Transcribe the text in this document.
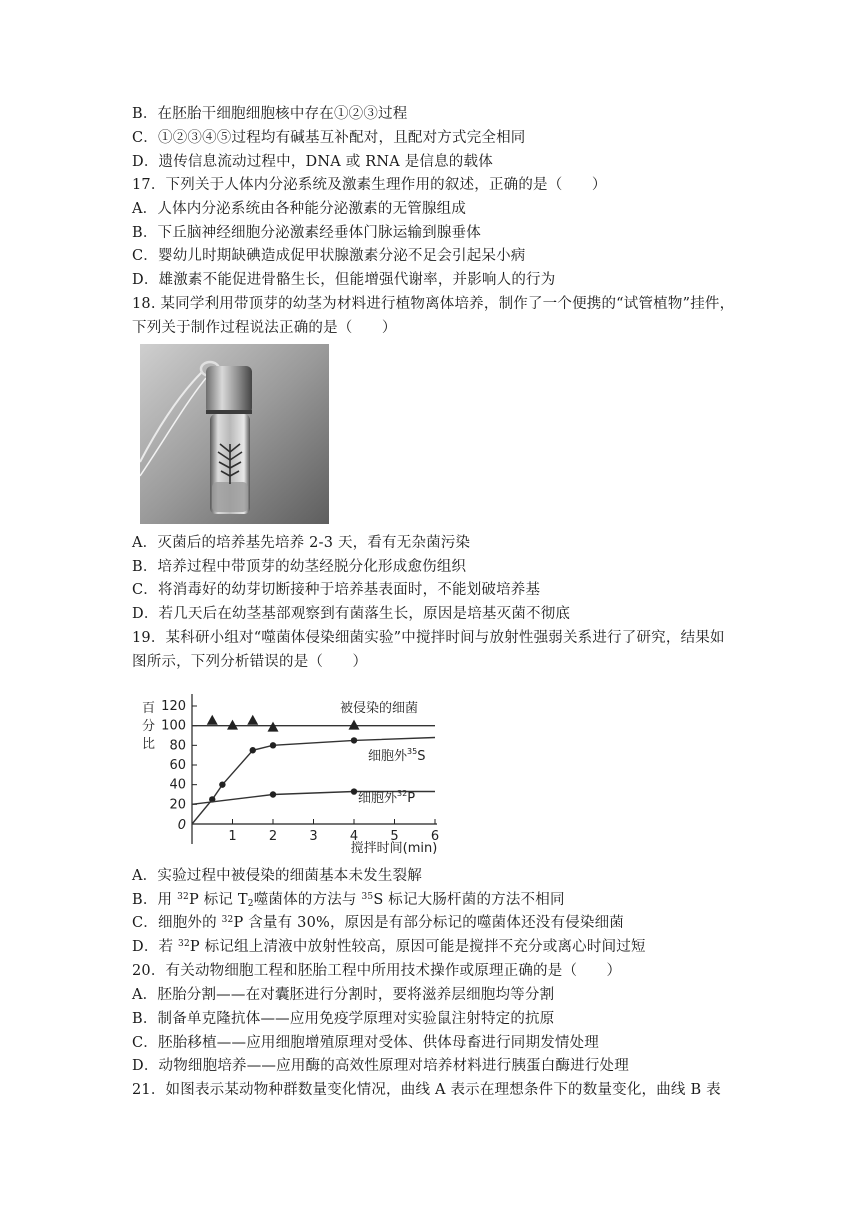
B．在胚胎干细胞细胞核中存在①②③过程
C．①②③④⑤过程均有碱基互补配对，且配对方式完全相同
D．遗传信息流动过程中，DNA 或 RNA 是信息的载体
17．下列关于人体内分泌系统及激素生理作用的叙述，正确的是（　　）
A．人体内分泌系统由各种能分泌激素的无管腺组成
B．下丘脑神经细胞分泌激素经垂体门脉运输到腺垂体
C．婴幼儿时期缺碘造成促甲状腺激素分泌不足会引起呆小病
D．雄激素不能促进骨骼生长，但能增强代谢率，并影响人的行为
18. 某同学利用带顶芽的幼茎为材料进行植物离体培养，制作了一个便携的“试管植物”挂件，
下列关于制作过程说法正确的是（　　）
A．灭菌后的培养基先培养 2-3 天，看有无杂菌污染
B．培养过程中带顶芽的幼茎经脱分化形成愈伤组织
C．将消毒好的幼芽切断接种于培养基表面时，不能划破培养基
D．若几天后在幼茎基部观察到有菌落生长，原因是培基灭菌不彻底
19．某科研小组对“噬菌体侵染细菌实验”中搅拌时间与放射性强弱关系进行了研究，结果如
图所示，下列分析错误的是（　　）
百
分
比
20
40
60
80
100
120
1 2 3 4 5 6
0
搅拌时间(min)
被侵染的细菌
细胞外$^{35}$S
细胞外$^{32}$P
A．实验过程中被侵染的细菌基本未发生裂解
B．用 $^{32}$P 标记 $T_2$噬菌体的方法与 $^{35}$S 标记大肠杆菌的方法不相同
C．细胞外的 $^{32}$P 含量有 30%，原因是有部分标记的噬菌体还没有侵染细菌
D．若 $^{32}$P 标记组上清液中放射性较高，原因可能是搅拌不充分或离心时间过短
20．有关动物细胞工程和胚胎工程中所用技术操作或原理正确的是（　　）
A．胚胎分割——在对囊胚进行分割时，要将滋养层细胞均等分割
B．制备单克隆抗体——应用免疫学原理对实验鼠注射特定的抗原
C．胚胎移植——应用细胞增殖原理对受体、供体母畜进行同期发情处理
D．动物细胞培养——应用酶的高效性原理对培养材料进行胰蛋白酶进行处理
21．如图表示某动物种群数量变化情况，曲线 A 表示在理想条件下的数量变化，曲线 B 表
